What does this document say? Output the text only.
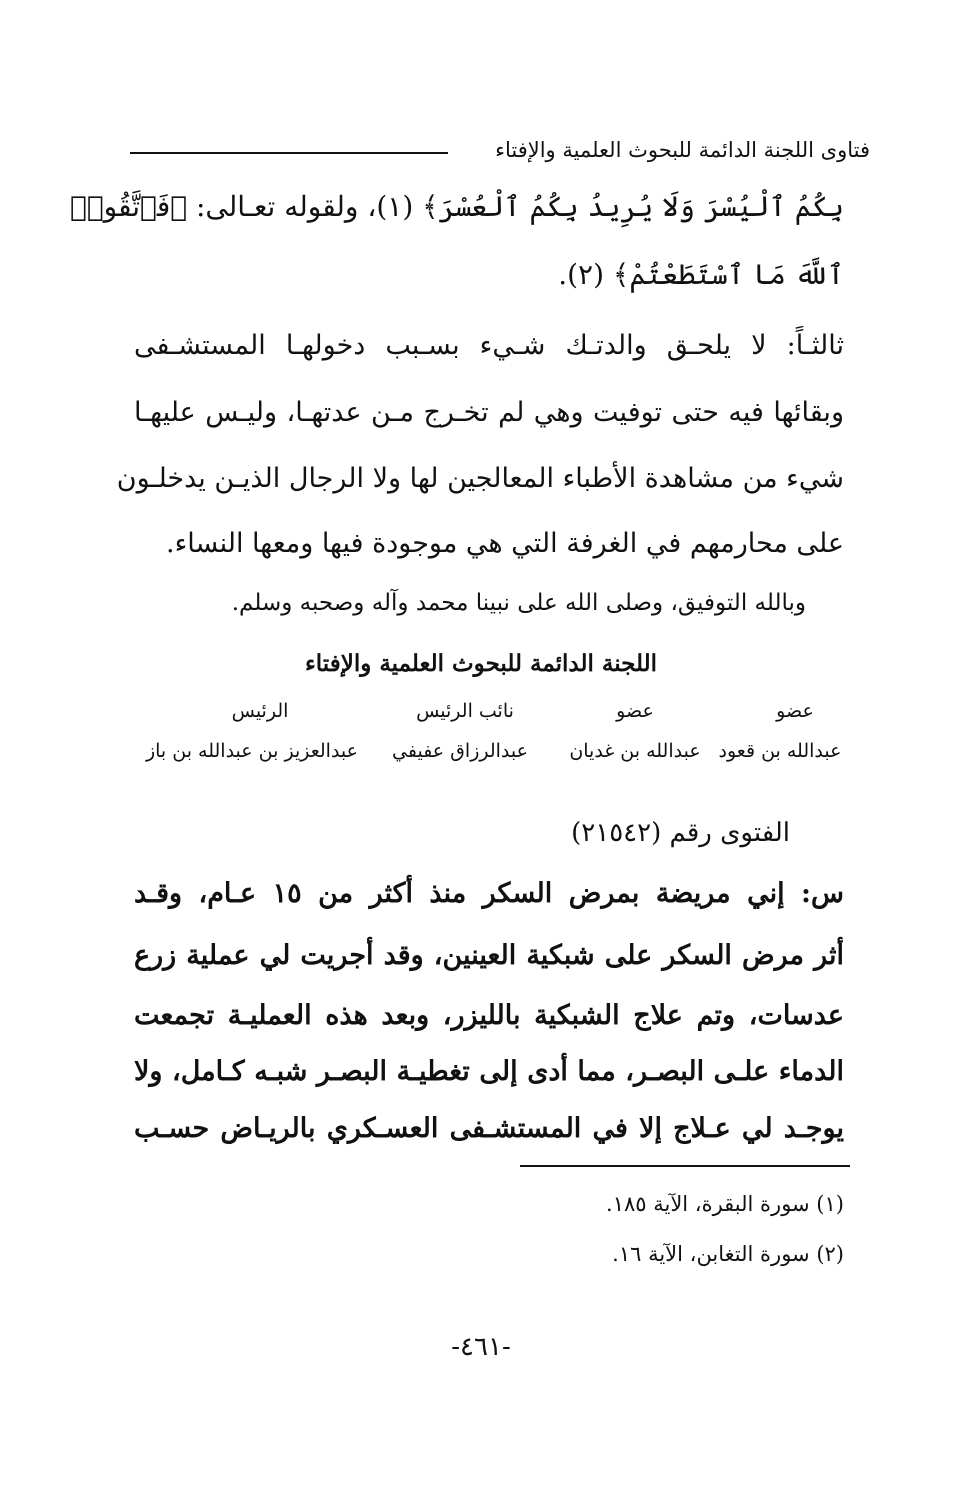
فتاوى اللجنة الدائمة للبحوث العلمية والإفتاء
بِكُمُ ٱلْيُسْرَ وَلَا يُرِيدُ بِكُمُ ٱلْعُسْرَ﴾ (١)، ولقوله تعـالى: ﴿فَٱتَّقُوا۟
ٱللَّهَ مَا ٱسْتَطَعْتُمْ﴾ (٢).
ثالثـاً: لا يلحـق والدتـك شـيء بسـبب دخولهـا المستشـفى
وبقائها فيه حتى توفيت وهي لم تخـرج مـن عدتهـا، وليـس عليهـا
شيء من مشاهدة الأطباء المعالجين لها ولا الرجال الذيـن يدخلـون
على محارمهم في الغرفة التي هي موجودة فيها ومعها النساء.
وبالله التوفيق، وصلى الله على نبينا محمد وآله وصحبه وسلم.
اللجنة الدائمة للبحوث العلمية والإفتاء
عضو
عبدالله بن قعود
عضو
عبدالله بن غديان
نائب الرئيس
عبدالرزاق عفيفي
الرئيس
عبدالعزيز بن عبدالله بن باز
الفتوى رقم (٢١٥٤٢)
س: إني مريضة بمرض السكر منذ أكثر من ١٥ عـام، وقـد
أثر مرض السكر على شبكية العينين، وقد أجريت لي عملية زرع
عدسات، وتم علاج الشبكية بالليزر، وبعد هذه العمليـة تجمعت
الدماء علـى البصـر، مما أدى إلى تغطيـة البصـر شبـه كـامل، ولا
يوجـد لي عـلاج إلا في المستشـفى العسـكري بالريـاض حسـب
(١) سورة البقرة، الآية ١٨٥.
(٢) سورة التغابن، الآية ١٦.
-٤٦١-
